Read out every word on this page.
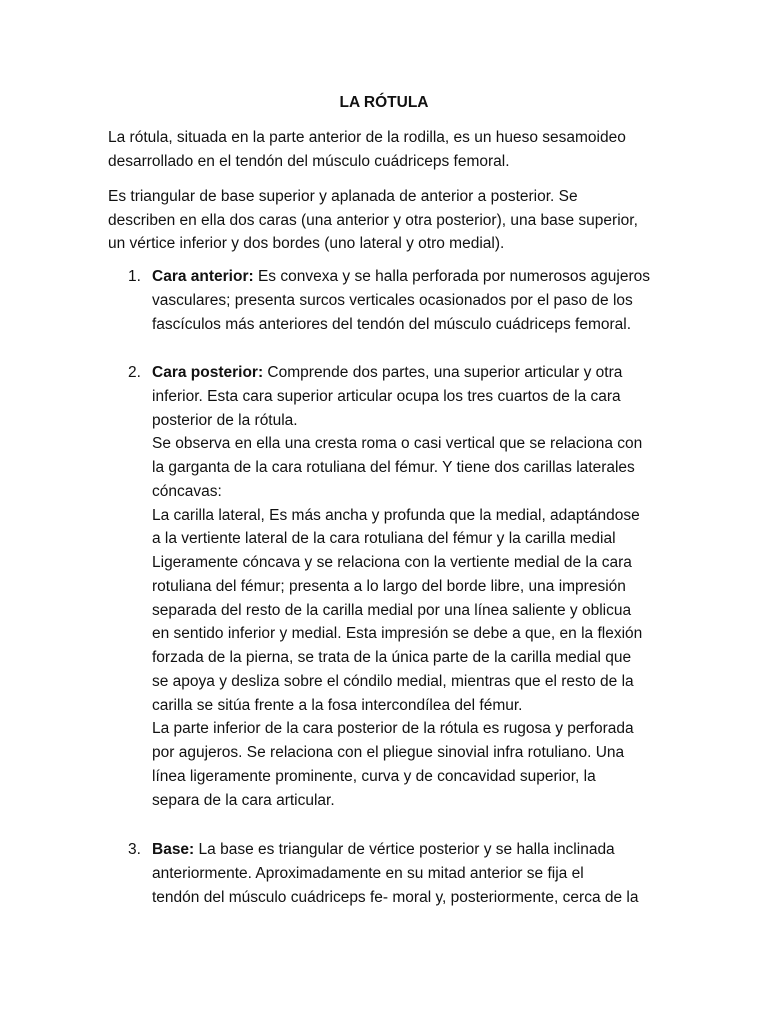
LA RÓTULA
La rótula, situada en la parte anterior de la rodilla, es un hueso sesamoideo
desarrollado en el tendón del músculo cuádriceps femoral.
Es triangular de base superior y aplanada de anterior a posterior. Se
describen en ella dos caras (una anterior y otra posterior), una base superior,
un vértice inferior y dos bordes (uno lateral y otro medial).
1. Cara anterior: Es convexa y se halla perforada por numerosos agujeros
vasculares; presenta surcos verticales ocasionados por el paso de los
fascículos más anteriores del tendón del músculo cuádriceps femoral.
2. Cara posterior: Comprende dos partes, una superior articular y otra
inferior. Esta cara superior articular ocupa los tres cuartos de la cara
posterior de la rótula.
Se observa en ella una cresta roma o casi vertical que se relaciona con
la garganta de la cara rotuliana del fémur. Y tiene dos carillas laterales
cóncavas:
La carilla lateral, Es más ancha y profunda que la medial, adaptándose
a la vertiente lateral de la cara rotuliana del fémur y la carilla medial
Ligeramente cóncava y se relaciona con la vertiente medial de la cara
rotuliana del fémur; presenta a lo largo del borde libre, una impresión
separada del resto de la carilla medial por una línea saliente y oblicua
en sentido inferior y medial. Esta impresión se debe a que, en la flexión
forzada de la pierna, se trata de la única parte de la carilla medial que
se apoya y desliza sobre el cóndilo medial, mientras que el resto de la
carilla se sitúa frente a la fosa intercondílea del fémur.
La parte inferior de la cara posterior de la rótula es rugosa y perforada
por agujeros. Se relaciona con el pliegue sinovial infra rotuliano. Una
línea ligeramente prominente, curva y de concavidad superior, la
separa de la cara articular.
3. Base: La base es triangular de vértice posterior y se halla inclinada
anteriormente. Aproximadamente en su mitad anterior se fija el
tendón del músculo cuádriceps fe- moral y, posteriormente, cerca de la
